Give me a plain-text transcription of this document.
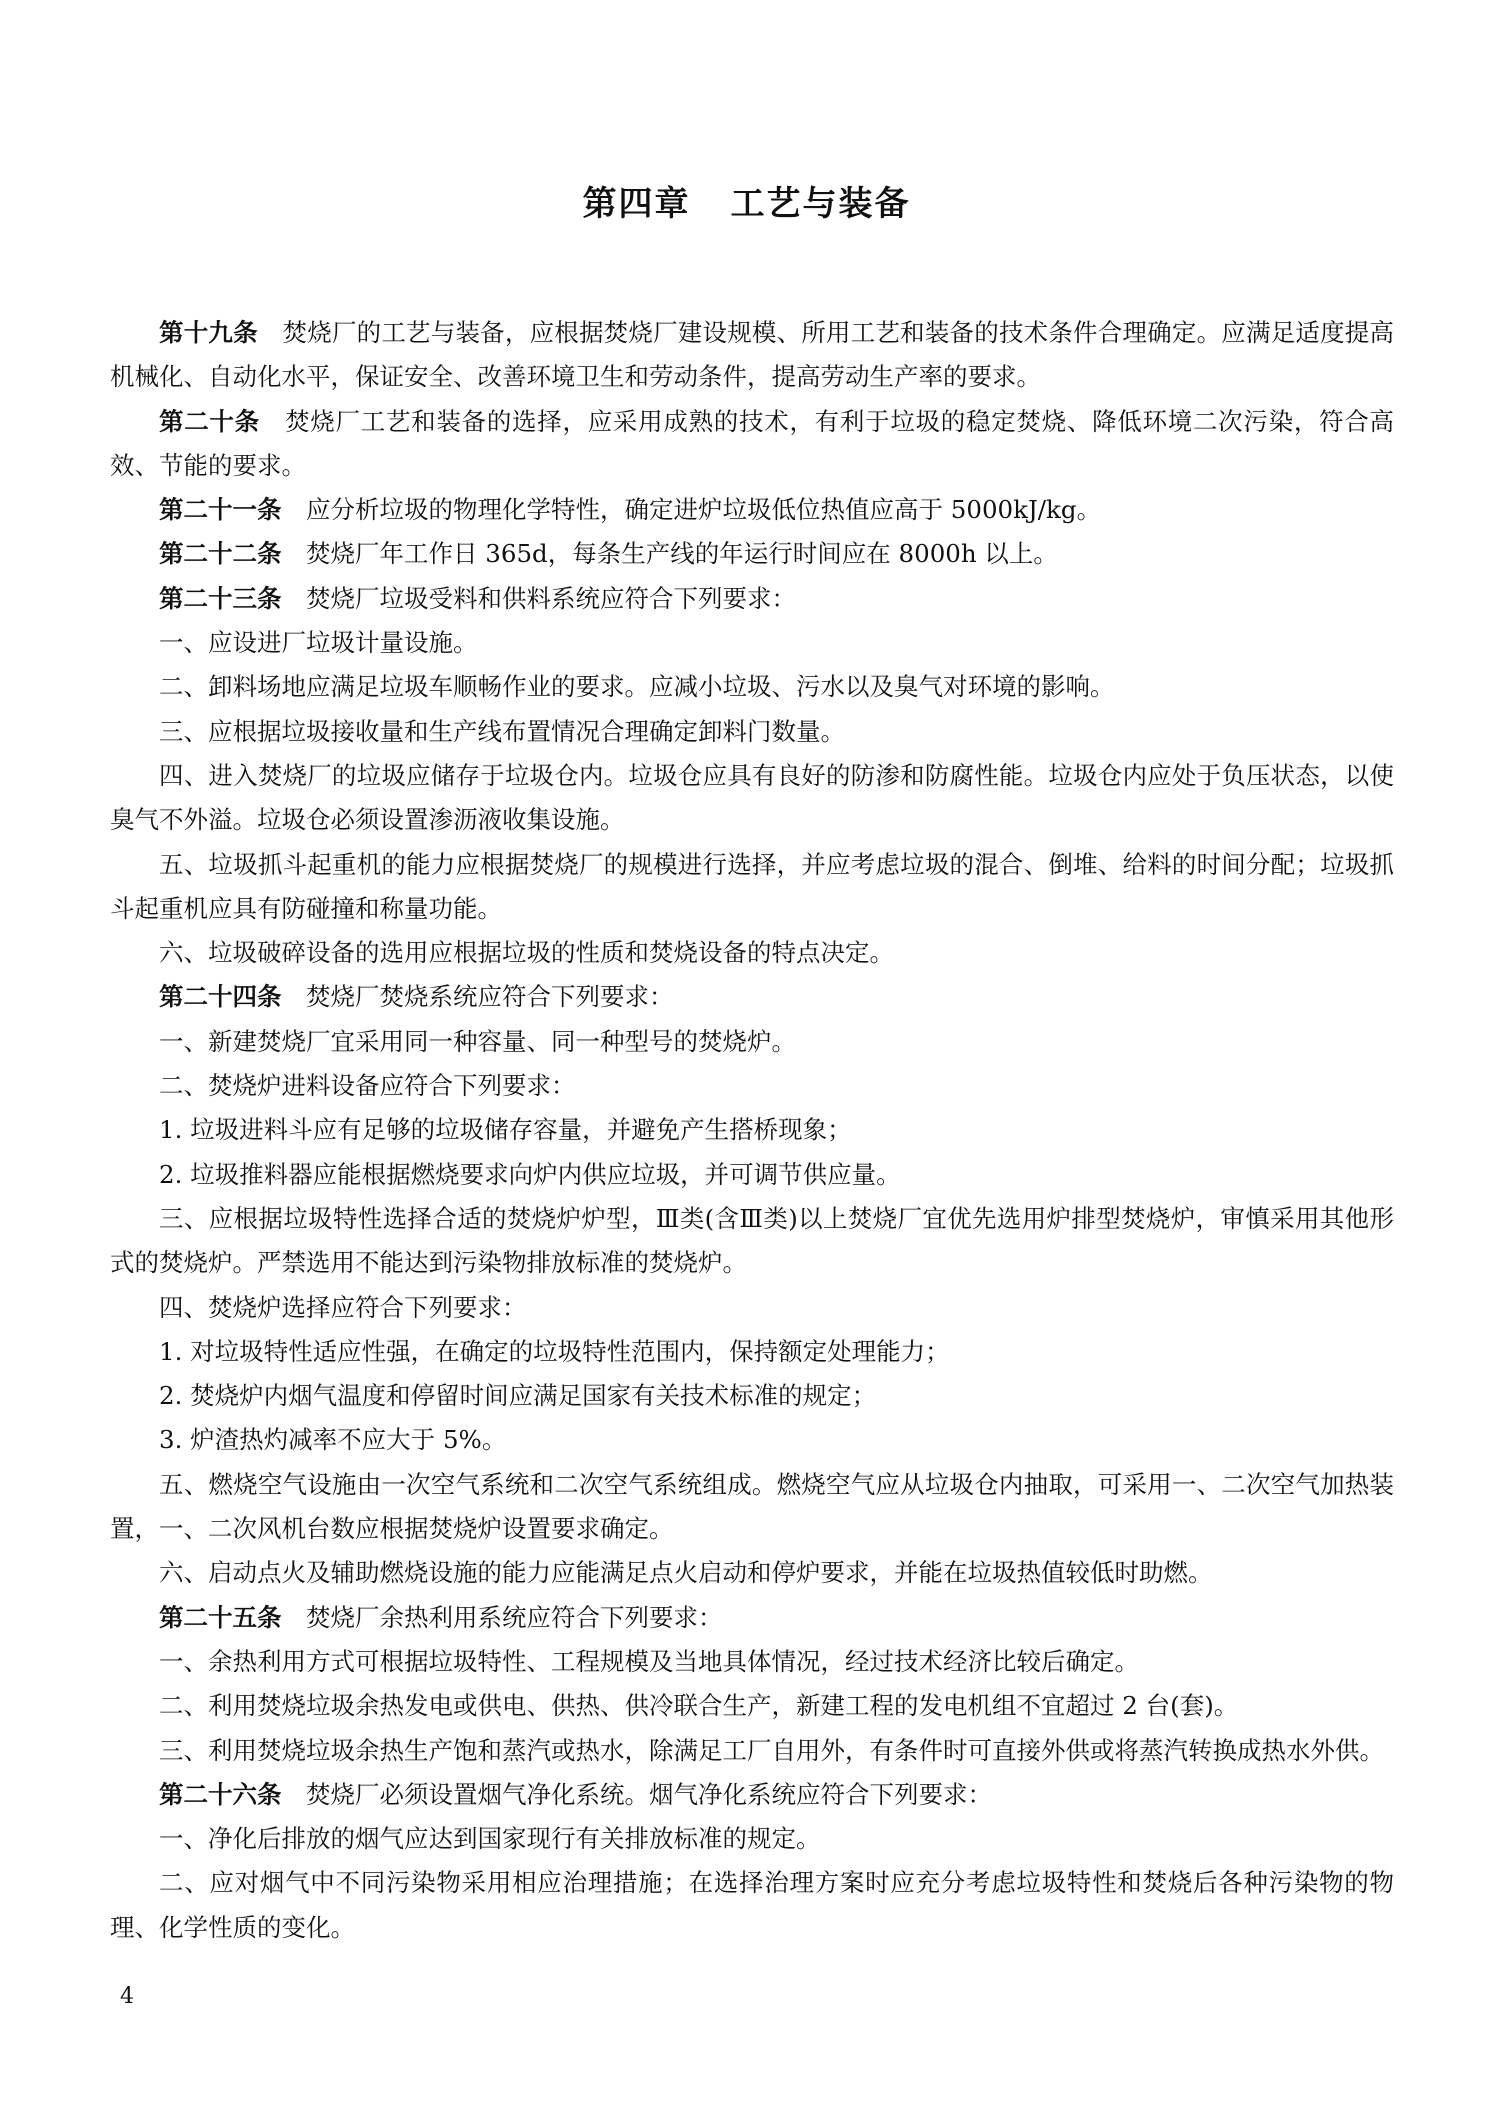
第四章 工艺与装备

第十九条 焚烧厂的工艺与装备，应根据焚烧厂建设规模、所用工艺和装备的技术条件合理确定。应满足适度提高机械化、自动化水平，保证安全、改善环境卫生和劳动条件，提高劳动生产率的要求。

第二十条 焚烧厂工艺和装备的选择，应采用成熟的技术，有利于垃圾的稳定焚烧、降低环境二次污染，符合高效、节能的要求。

第二十一条 应分析垃圾的物理化学特性，确定进炉垃圾低位热值应高于 5000kJ/kg。

第二十二条 焚烧厂年工作日 365d，每条生产线的年运行时间应在 8000h 以上。

第二十三条 焚烧厂垃圾受料和供料系统应符合下列要求：

一、应设进厂垃圾计量设施。

二、卸料场地应满足垃圾车顺畅作业的要求。应减小垃圾、污水以及臭气对环境的影响。

三、应根据垃圾接收量和生产线布置情况合理确定卸料门数量。

四、进入焚烧厂的垃圾应储存于垃圾仓内。垃圾仓应具有良好的防渗和防腐性能。垃圾仓内应处于负压状态，以使臭气不外溢。垃圾仓必须设置渗沥液收集设施。

五、垃圾抓斗起重机的能力应根据焚烧厂的规模进行选择，并应考虑垃圾的混合、倒堆、给料的时间分配；垃圾抓斗起重机应具有防碰撞和称量功能。

六、垃圾破碎设备的选用应根据垃圾的性质和焚烧设备的特点决定。

第二十四条 焚烧厂焚烧系统应符合下列要求：

一、新建焚烧厂宜采用同一种容量、同一种型号的焚烧炉。

二、焚烧炉进料设备应符合下列要求：

1. 垃圾进料斗应有足够的垃圾储存容量，并避免产生搭桥现象；

2. 垃圾推料器应能根据燃烧要求向炉内供应垃圾，并可调节供应量。

三、应根据垃圾特性选择合适的焚烧炉炉型，Ⅲ类(含Ⅲ类)以上焚烧厂宜优先选用炉排型焚烧炉，审慎采用其他形式的焚烧炉。严禁选用不能达到污染物排放标准的焚烧炉。

四、焚烧炉选择应符合下列要求：

1. 对垃圾特性适应性强，在确定的垃圾特性范围内，保持额定处理能力；

2. 焚烧炉内烟气温度和停留时间应满足国家有关技术标准的规定；

3. 炉渣热灼减率不应大于 5%。

五、燃烧空气设施由一次空气系统和二次空气系统组成。燃烧空气应从垃圾仓内抽取，可采用一、二次空气加热装置，一、二次风机台数应根据焚烧炉设置要求确定。

六、启动点火及辅助燃烧设施的能力应能满足点火启动和停炉要求，并能在垃圾热值较低时助燃。

第二十五条 焚烧厂余热利用系统应符合下列要求：

一、余热利用方式可根据垃圾特性、工程规模及当地具体情况，经过技术经济比较后确定。

二、利用焚烧垃圾余热发电或供电、供热、供冷联合生产，新建工程的发电机组不宜超过 2 台(套)。

三、利用焚烧垃圾余热生产饱和蒸汽或热水，除满足工厂自用外，有条件时可直接外供或将蒸汽转换成热水外供。

第二十六条 焚烧厂必须设置烟气净化系统。烟气净化系统应符合下列要求：

一、净化后排放的烟气应达到国家现行有关排放标准的规定。

二、应对烟气中不同污染物采用相应治理措施；在选择治理方案时应充分考虑垃圾特性和焚烧后各种污染物的物理、化学性质的变化。

4
